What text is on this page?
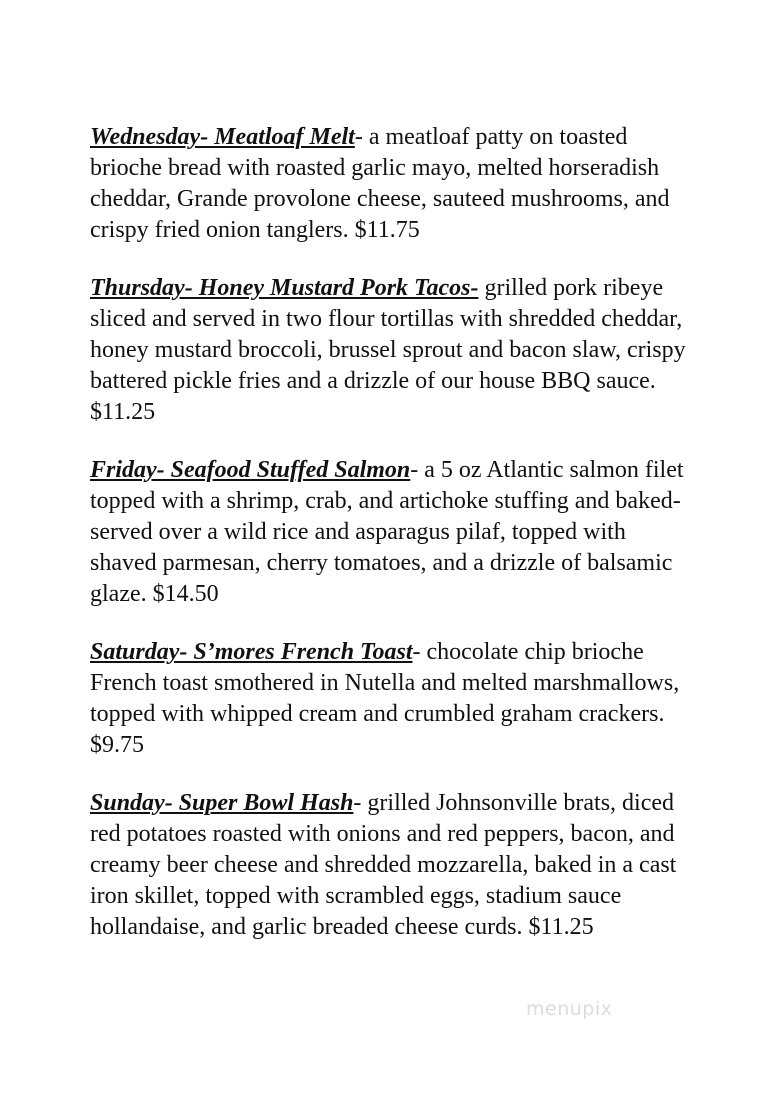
Wednesday- Meatloaf Melt- a meatloaf patty on toasted brioche bread with roasted garlic mayo, melted horseradish cheddar, Grande provolone cheese, sauteed mushrooms, and crispy fried onion tanglers. $11.75

Thursday- Honey Mustard Pork Tacos- grilled pork ribeye sliced and served in two flour tortillas with shredded cheddar, honey mustard broccoli, brussel sprout and bacon slaw, crispy battered pickle fries and a drizzle of our house BBQ sauce. $11.25

Friday- Seafood Stuffed Salmon- a 5 oz Atlantic salmon filet topped with a shrimp, crab, and artichoke stuffing and baked- served over a wild rice and asparagus pilaf, topped with shaved parmesan, cherry tomatoes, and a drizzle of balsamic glaze. $14.50

Saturday- S’mores French Toast- chocolate chip brioche French toast smothered in Nutella and melted marshmallows, topped with whipped cream and crumbled graham crackers. $9.75

Sunday- Super Bowl Hash- grilled Johnsonville brats, diced red potatoes roasted with onions and red peppers, bacon, and creamy beer cheese and shredded mozzarella, baked in a cast iron skillet, topped with scrambled eggs, stadium sauce hollandaise, and garlic breaded cheese curds. $11.25

menupix
